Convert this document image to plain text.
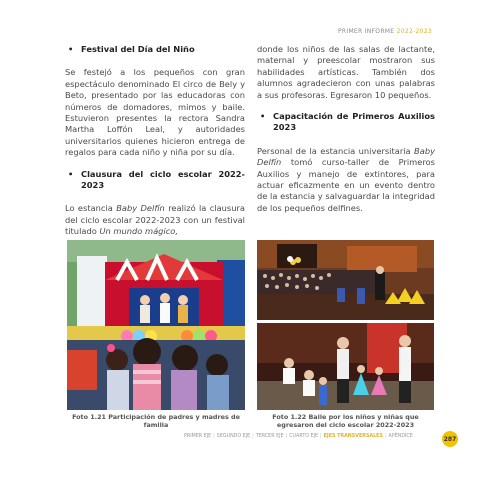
PRIMER INFORME 2022-2023
• Festival del Día del Niño

Se festejó a los pequeños con gran espectáculo denominado El circo de Bely y Beto, presentado por las educadoras con números de domadores, mimos y baile. Estuvieron presentes la rectora Sandra Martha Loffón Leal, y autoridades universitarios quienes hicieron entrega de regalos para cada niño y niña por su día.

• Clausura del ciclo escolar 2022-2023

Lo estancia Baby Delfín realizó la clausura del ciclo escolar 2022-2023 con un festival titulado Un mundo mágico,

donde los niños de las salas de lactante, maternal y preescolar mostraron sus habilidades artísticas. También dos alumnos agradecieron con unas palabras a sus profesoras. Egresaron 10 pequeños.

• Capacitación de Primeros Auxilios 2023

Personal de la estancia universitaria Baby Delfín tomó curso-taller de Primeros Auxilios y manejo de extintores, para actuar eficazmente en un evento dentro de la estancia y salvaguardar la integridad de los pequeños delfines.

Foto 1.21 Participación de padres y madres de familia
Foto 1.22 Baile por los niños y niñas que egresaron del ciclo escolar 2022-2023
PRIMER EJE | SEGUNDO EJE | TERCER EJE | CUARTO EJE | EJES TRANSVERSALES | APÉNDICE	287
